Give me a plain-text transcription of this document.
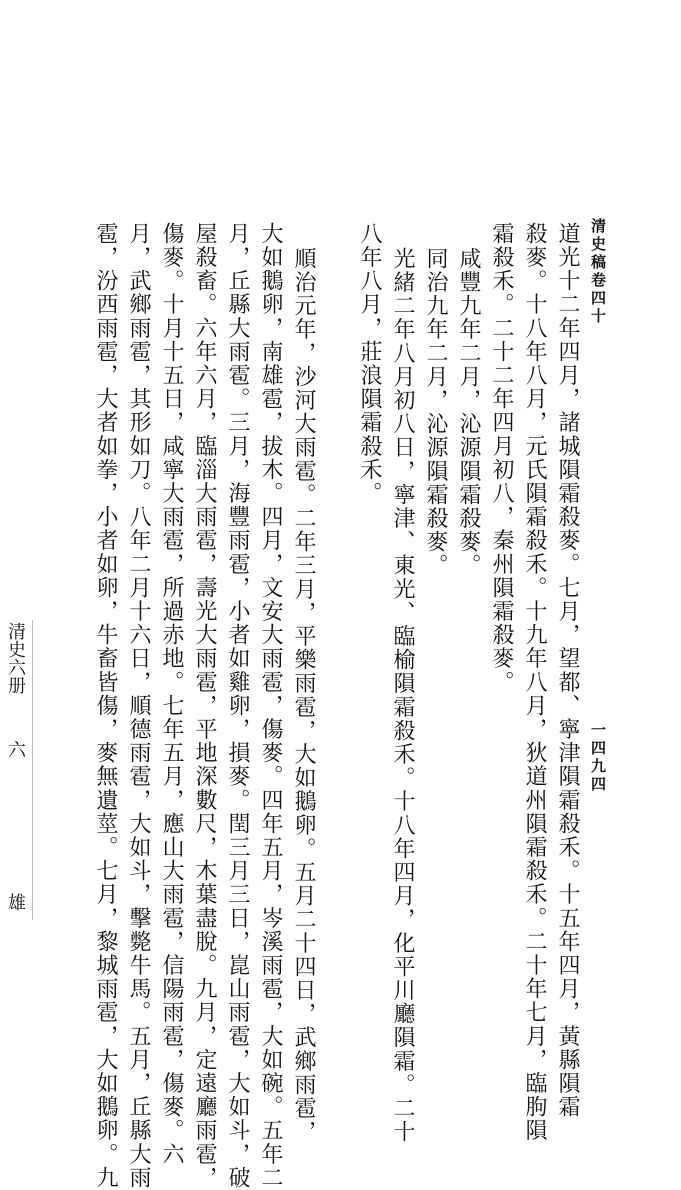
清史稿卷四十
一四九四
道光十二年四月，諸城隕霜殺麥。七月，望都、寧津隕霜殺禾。十五年四月，黃縣隕霜
殺麥。十八年八月，元氏隕霜殺禾。十九年八月，狄道州隕霜殺禾。二十年七月，臨朐隕
霜殺禾。二十二年四月初八，秦州隕霜殺麥。
咸豐九年二月，沁源隕霜殺麥。
同治九年二月，沁源隕霜殺麥。
光緒二年八月初八日，寧津、東光、臨榆隕霜殺禾。十八年四月，化平川廳隕霜。二十
八年八月，莊浪隕霜殺禾。
順治元年，沙河大雨雹。二年三月，平樂雨雹，大如鵝卵。五月二十四日，武鄉雨雹，
大如鵝卵，南雄雹，拔木。四月，文安大雨雹，傷麥。四年五月，岑溪雨雹，大如碗。五年二
月，丘縣大雨雹。三月，海豐雨雹，小者如雞卵，損麥。閏三月三日，崑山雨雹，大如斗，破
屋殺畜。六年六月，臨淄大雨雹，壽光大雨雹，平地深數尺，木葉盡脫。九月，定遠廳雨雹，
傷麥。十月十五日，咸寧大雨雹，所過赤地。七年五月，應山大雨雹，信陽雨雹，傷麥。六
月，武鄉雨雹，其形如刀。八年二月十六日，順德雨雹，大如斗，擊斃牛馬。五月，丘縣大雨
雹，汾西雨雹，大者如拳，小者如卵，牛畜皆傷，麥無遺莖。七月，黎城雨雹，大如鵝卵。九
清史六册
六
雄
